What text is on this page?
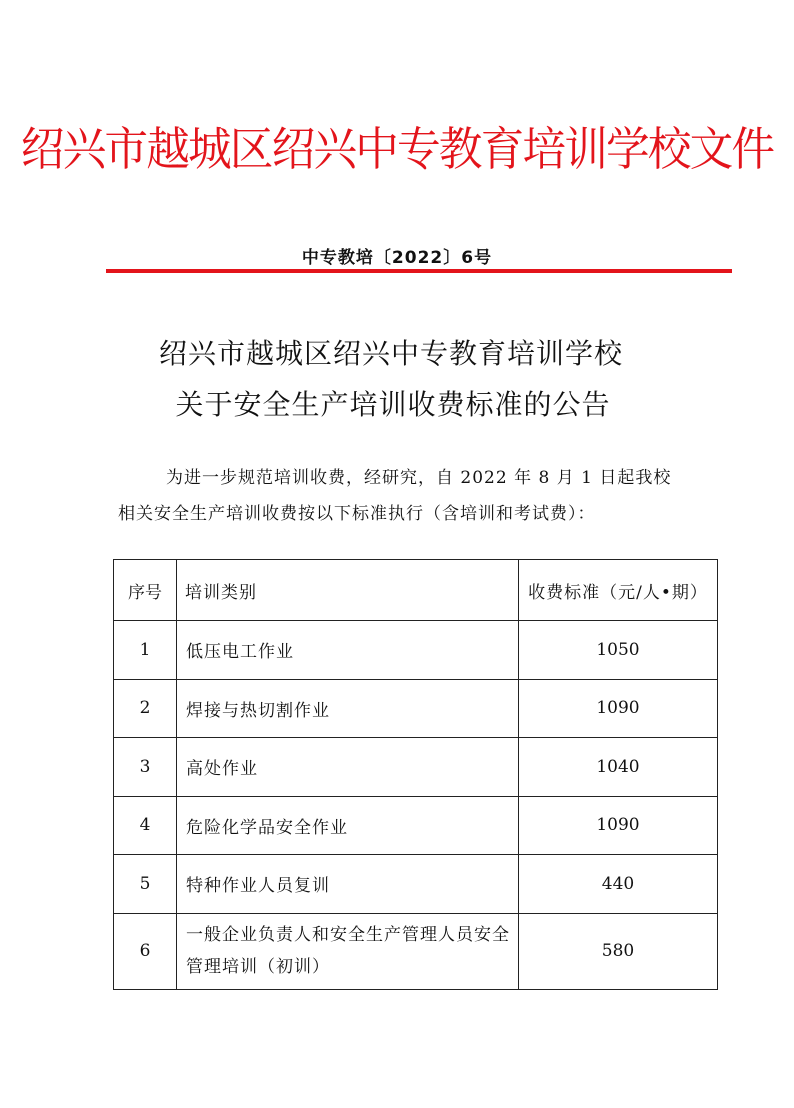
绍兴市越城区绍兴中专教育培训学校文件
中专教培〔2022〕6号
绍兴市越城区绍兴中专教育培训学校
关于安全生产培训收费标准的公告
为进一步规范培训收费，经研究，自 2022 年 8 月 1 日起我校相关安全生产培训收费按以下标准执行（含培训和考试费）：
序号	培训类别	收费标准（元/人•期）
1	低压电工作业	1050
2	焊接与热切割作业	1090
3	高处作业	1040
4	危险化学品安全作业	1090
5	特种作业人员复训	440
6	一般企业负责人和安全生产管理人员安全管理培训（初训）	580
